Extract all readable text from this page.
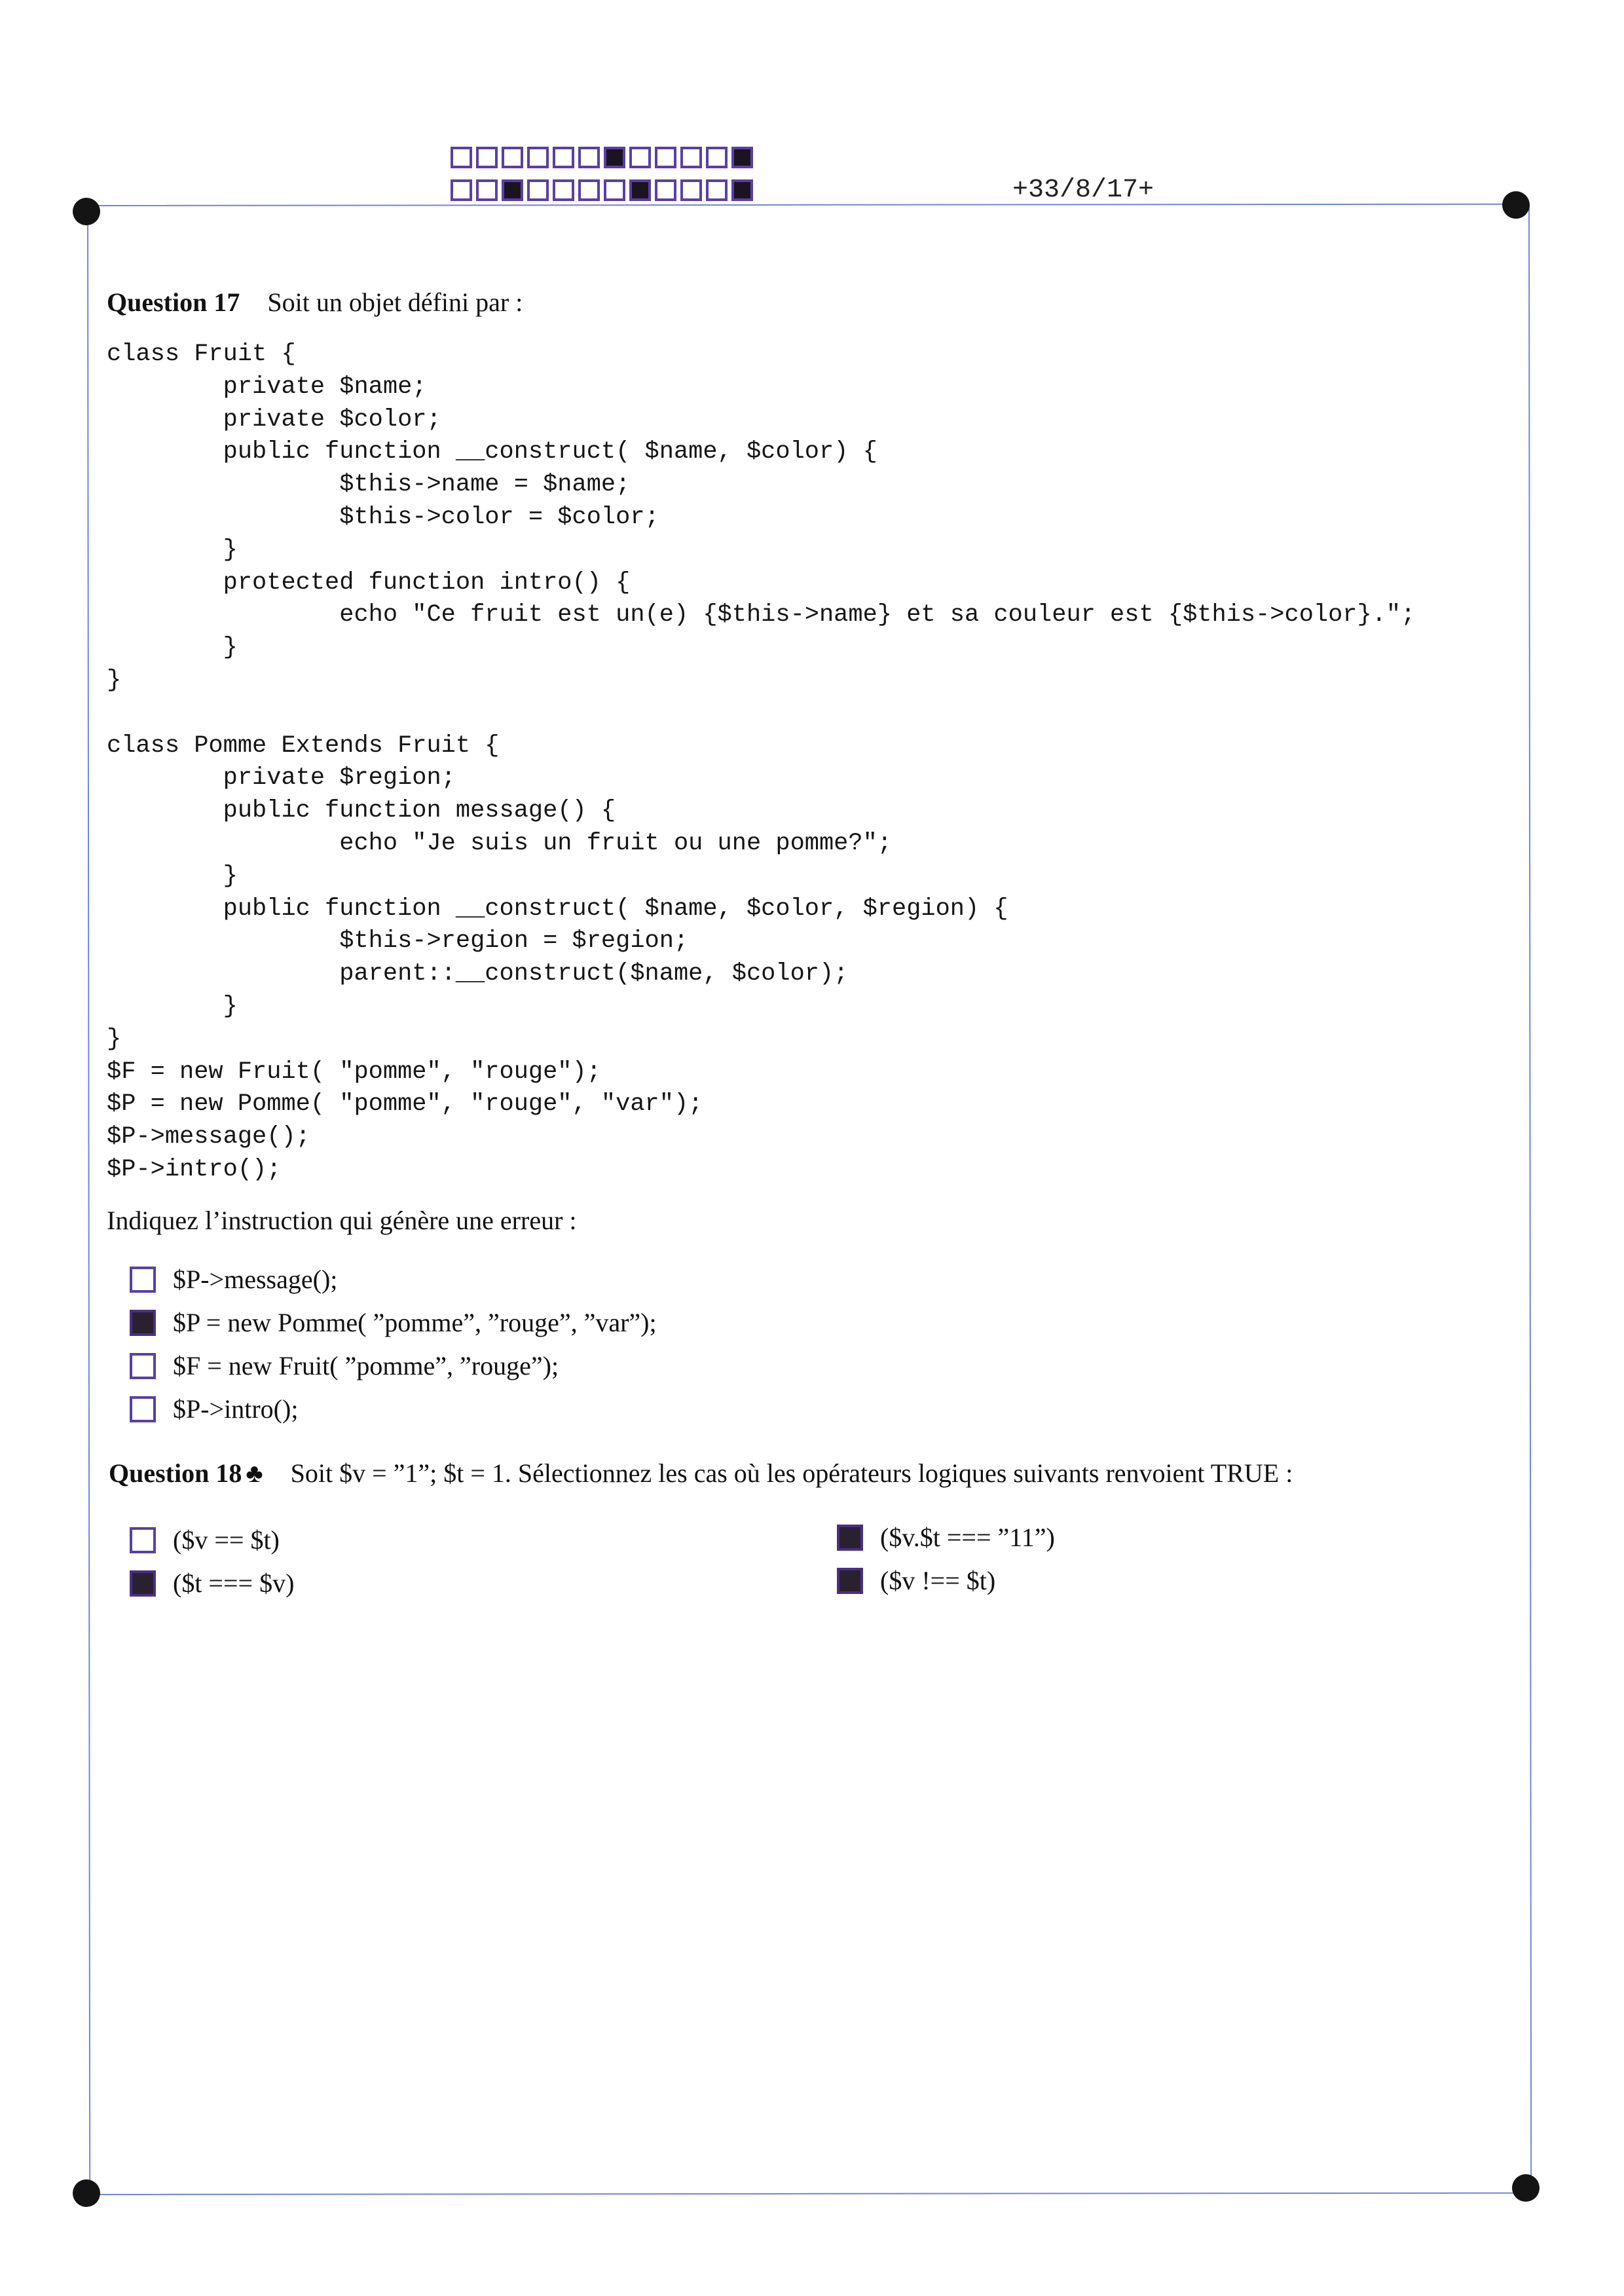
+33/8/17+
Question 17 Soit un objet défini par :
class Fruit {
private $name;
private $color;
public function __construct( $name, $color) {
$this->name = $name;
$this->color = $color;
}
protected function intro() {
echo "Ce fruit est un(e) {$this->name} et sa couleur est {$this->color}.";
}
}

class Pomme Extends Fruit {
private $region;
public function message() {
echo "Je suis un fruit ou une pomme?";
}
public function __construct( $name, $color, $region) {
$this->region = $region;
parent::__construct($name, $color);
}
}
$F = new Fruit( "pomme", "rouge");
$P = new Pomme( "pomme", "rouge", "var");
$P->message();
$P->intro();
Indiquez l’instruction qui génère une erreur :
$P->message();
$P = new Pomme( ”pomme”, ”rouge”, ”var”);
$F = new Fruit( ”pomme”, ”rouge”);
$P->intro();
Question 18 ♣ Soit $v = ”1”; $t = 1. Sélectionnez les cas où les opérateurs logiques suivants renvoient TRUE :
($v == $t)
($t === $v)
($v.$t === ”11”)
($v !== $t)
